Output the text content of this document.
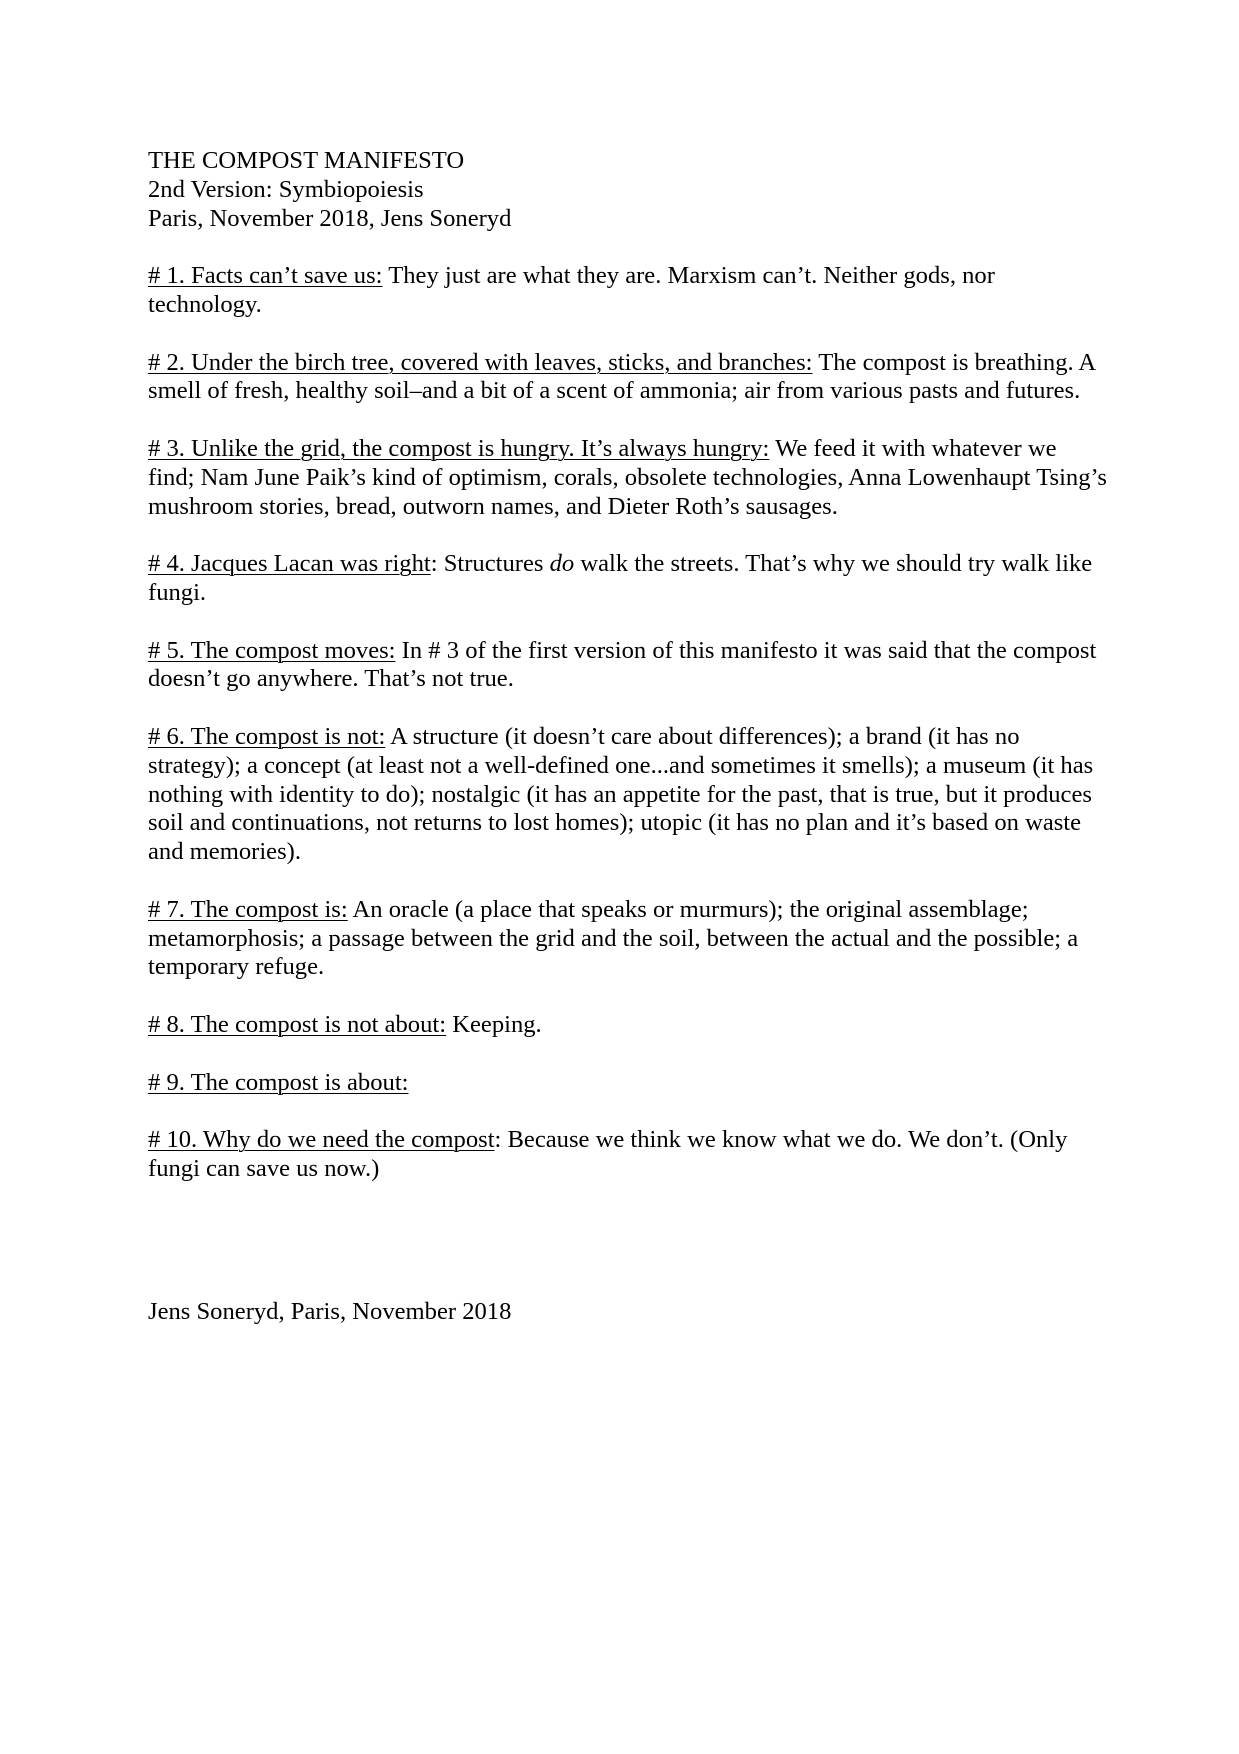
THE COMPOST MANIFESTO
2nd Version: Symbiopoiesis
Paris, November 2018, Jens Soneryd

# 1. Facts can’t save us: They just are what they are. Marxism can’t. Neither gods, nor technology.

# 2. Under the birch tree, covered with leaves, sticks, and branches: The compost is breathing. A smell of fresh, healthy soil–and a bit of a scent of ammonia; air from various pasts and futures.

# 3. Unlike the grid, the compost is hungry. It’s always hungry: We feed it with whatever we find; Nam June Paik’s kind of optimism, corals, obsolete technologies, Anna Lowenhaupt Tsing’s mushroom stories, bread, outworn names, and Dieter Roth’s sausages.

# 4. Jacques Lacan was right: Structures do walk the streets. That’s why we should try walk like fungi.

# 5. The compost moves: In # 3 of the first version of this manifesto it was said that the compost doesn’t go anywhere. That’s not true.

# 6. The compost is not: A structure (it doesn’t care about differences); a brand (it has no strategy); a concept (at least not a well-defined one...and sometimes it smells); a museum (it has nothing with identity to do); nostalgic (it has an appetite for the past, that is true, but it produces soil and continuations, not returns to lost homes); utopic (it has no plan and it’s based on waste and memories).

# 7. The compost is: An oracle (a place that speaks or murmurs); the original assemblage; metamorphosis; a passage between the grid and the soil, between the actual and the possible; a temporary refuge.

# 8. The compost is not about: Keeping.

# 9. The compost is about:

# 10. Why do we need the compost: Because we think we know what we do. We don’t. (Only fungi can save us now.)

Jens Soneryd, Paris, November 2018
